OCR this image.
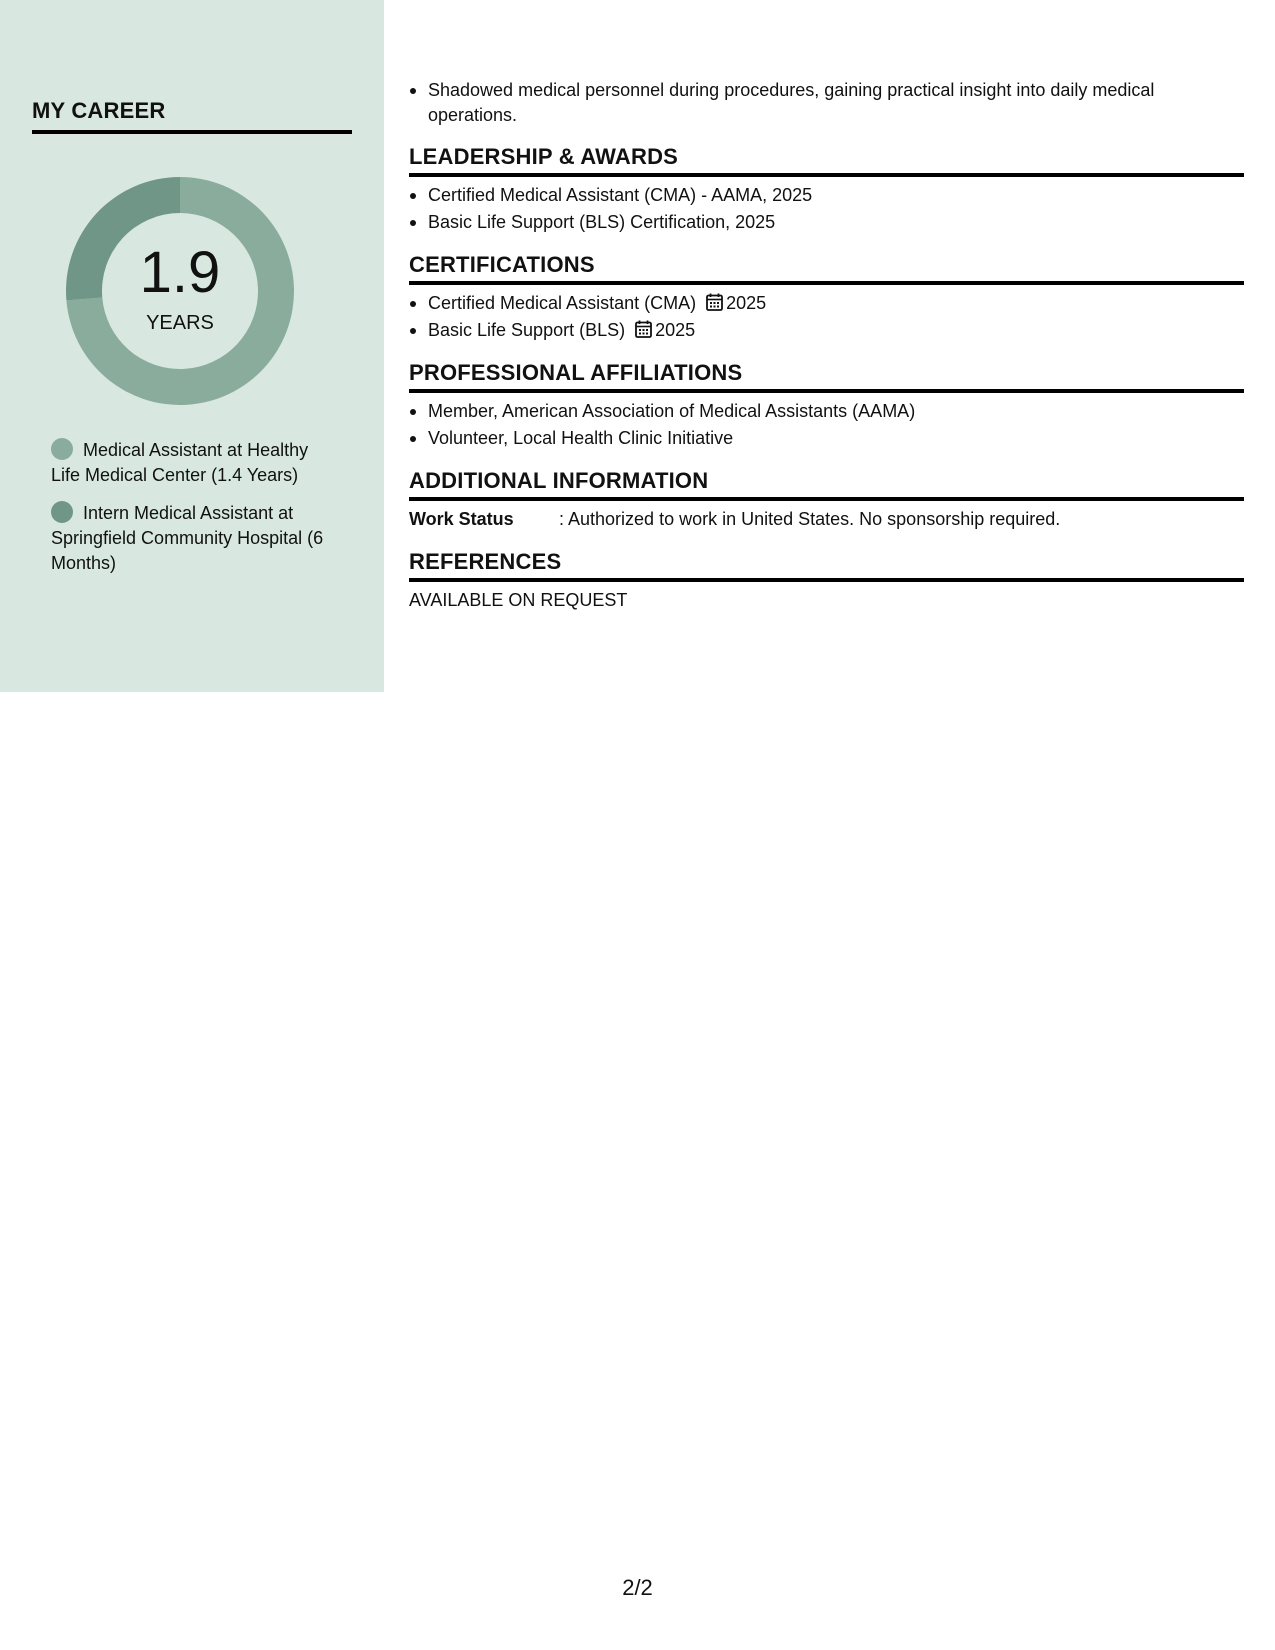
MY CAREER
1.9
YEARS
Medical Assistant at Healthy Life Medical Center (1.4 Years)
Intern Medical Assistant at Springfield Community Hospital (6 Months)
Shadowed medical personnel during procedures, gaining practical insight into daily medical operations.
LEADERSHIP & AWARDS
Certified Medical Assistant (CMA) - AAMA, 2025
Basic Life Support (BLS) Certification, 2025
CERTIFICATIONS
Certified Medical Assistant (CMA) 2025
Basic Life Support (BLS) 2025
PROFESSIONAL AFFILIATIONS
Member, American Association of Medical Assistants (AAMA)
Volunteer, Local Health Clinic Initiative
ADDITIONAL INFORMATION
Work Status	: Authorized to work in United States. No sponsorship required.
REFERENCES
AVAILABLE ON REQUEST
2/2
